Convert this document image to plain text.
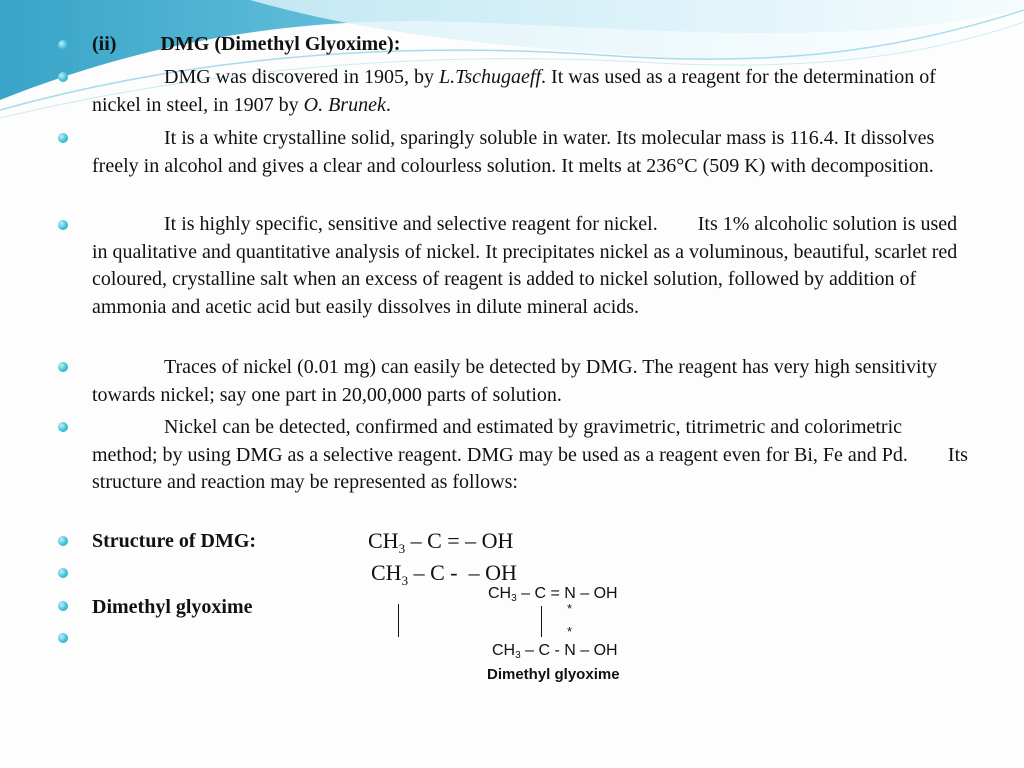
(ii) DMG (Dimethyl Glyoxime):
DMG was discovered in 1905, by L.Tschugaeff. It was used as a reagent for the determination of nickel in steel, in 1907 by O. Brunek.
It is a white crystalline solid, sparingly soluble in water. Its molecular mass is 116.4. It dissolves freely in alcohol and gives a clear and colourless solution. It melts at 236°C (509 K) with decomposition.
It is highly specific, sensitive and selective reagent for nickel. Its 1% alcoholic solution is used in qualitative and quantitative analysis of nickel. It precipitates nickel as a voluminous, beautiful, scarlet red coloured, crystalline salt when an excess of reagent is added to nickel solution, followed by addition of ammonia and acetic acid but easily dissolves in dilute mineral acids.
Traces of nickel (0.01 mg) can easily be detected by DMG. The reagent has very high sensitivity towards nickel; say one part in 20,00,000 parts of solution.
Nickel can be detected, confirmed and estimated by gravimetric, titrimetric and colorimetric method; by using DMG as a selective reagent. DMG may be used as a reagent even for Bi, Fe and Pd. Its structure and reaction may be represented as follows:
Structure of DMG:	$CH_3$ – C = – OH
$CH_3$ – C -  – OH
Dimethyl glyoxime
$CH_3 - C = N$ – OH
*
*
$CH_3$ – C - N – OH
Dimethyl glyoxime
